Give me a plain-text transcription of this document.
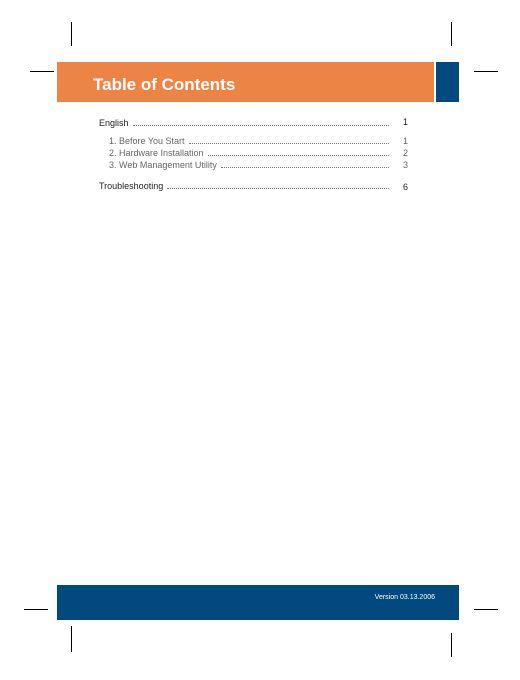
Table of Contents
English	1
1. Before You Start	1
2. Hardware Installation	2
3. Web Management Utility	3
Troubleshooting	6
Version 03.13.2006
